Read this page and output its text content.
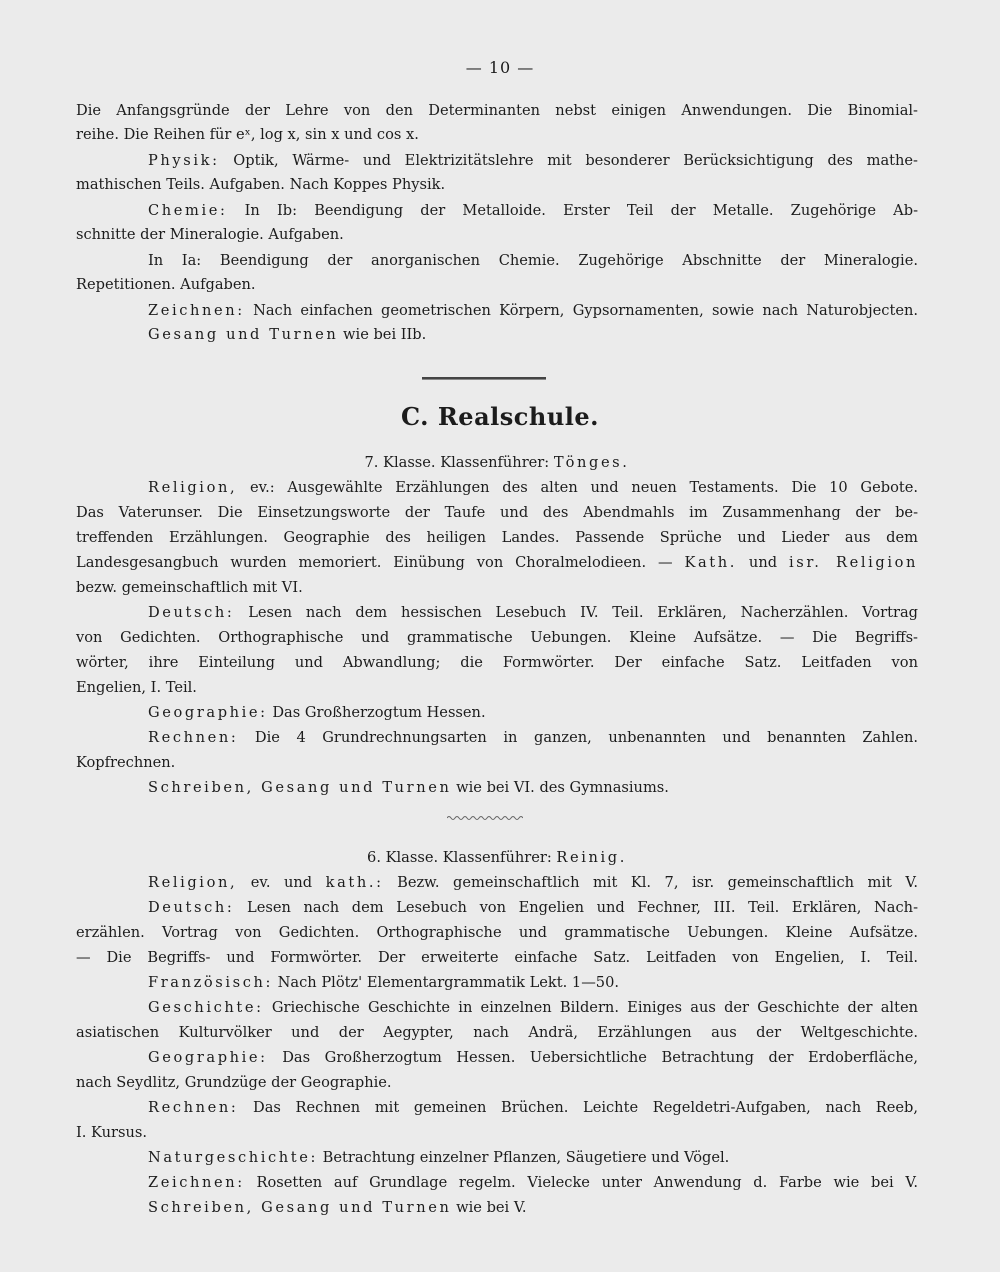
— 10 —
Die Anfangsgründe der Lehre von den Determinanten nebst einigen Anwendungen. Die Binomial-
reihe. Die Reihen für eˣ, log x, sin x und cos x.
Physik: Optik, Wärme- und Elektrizitätslehre mit besonderer Berücksichtigung des mathe-
mathischen Teils. Aufgaben. Nach Koppes Physik.
Chemie: In Ib: Beendigung der Metalloide. Erster Teil der Metalle. Zugehörige Ab-
schnitte der Mineralogie. Aufgaben.
In Ia: Beendigung der anorganischen Chemie. Zugehörige Abschnitte der Mineralogie.
Repetitionen. Aufgaben.
Zeichnen: Nach einfachen geometrischen Körpern, Gypsornamenten, sowie nach Naturobjecten.
Gesang und Turnen wie bei IIb.
C. Realschule.
7. Klasse. Klassenführer: Tönges.
Religion, ev.: Ausgewählte Erzählungen des alten und neuen Testaments. Die 10 Gebote.
Das Vaterunser. Die Einsetzungsworte der Taufe und des Abendmahls im Zusammenhang der be-
treffenden Erzählungen. Geographie des heiligen Landes. Passende Sprüche und Lieder aus dem
Landesgesangbuch wurden memoriert. Einübung von Choralmelodieen. — Kath. und isr. Religion
bezw. gemeinschaftlich mit VI.
Deutsch: Lesen nach dem hessischen Lesebuch IV. Teil. Erklären, Nacherzählen. Vortrag
von Gedichten. Orthographische und grammatische Uebungen. Kleine Aufsätze. — Die Begriffs-
wörter, ihre Einteilung und Abwandlung; die Formwörter. Der einfache Satz. Leitfaden von
Engelien, I. Teil.
Geographie: Das Großherzogtum Hessen.
Rechnen: Die 4 Grundrechnungsarten in ganzen, unbenannten und benannten Zahlen.
Kopfrechnen.
Schreiben, Gesang und Turnen wie bei VI. des Gymnasiums.
6. Klasse. Klassenführer: Reinig.
Religion, ev. und kath.: Bezw. gemeinschaftlich mit Kl. 7, isr. gemeinschaftlich mit V.
Deutsch: Lesen nach dem Lesebuch von Engelien und Fechner, III. Teil. Erklären, Nach-
erzählen. Vortrag von Gedichten. Orthographische und grammatische Uebungen. Kleine Aufsätze.
— Die Begriffs- und Formwörter. Der erweiterte einfache Satz. Leitfaden von Engelien, I. Teil.
Französisch: Nach Plötz' Elementargrammatik Lekt. 1—50.
Geschichte: Griechische Geschichte in einzelnen Bildern. Einiges aus der Geschichte der alten
asiatischen Kulturvölker und der Aegypter, nach Andrä, Erzählungen aus der Weltgeschichte.
Geographie: Das Großherzogtum Hessen. Uebersichtliche Betrachtung der Erdoberfläche,
nach Seydlitz, Grundzüge der Geographie.
Rechnen: Das Rechnen mit gemeinen Brüchen. Leichte Regeldetri-Aufgaben, nach Reeb,
I. Kursus.
Naturgeschichte: Betrachtung einzelner Pflanzen, Säugetiere und Vögel.
Zeichnen: Rosetten auf Grundlage regelm. Vielecke unter Anwendung d. Farbe wie bei V.
Schreiben, Gesang und Turnen wie bei V.
